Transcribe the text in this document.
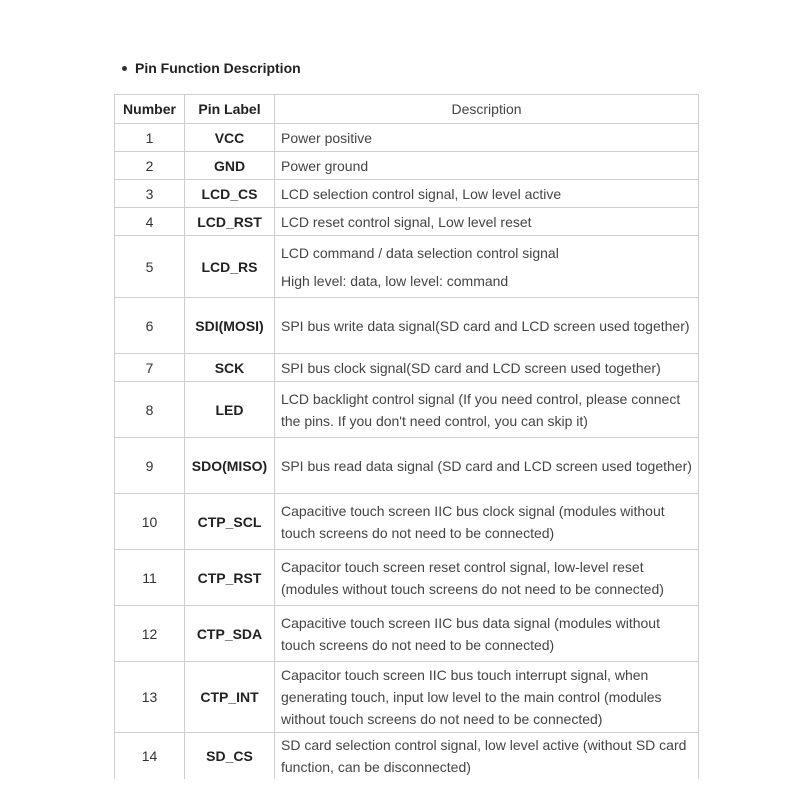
Pin Function Description
Number	Pin Label	Description
1	VCC	Power positive
2	GND	Power ground
3	LCD_CS	LCD selection control signal, Low level active
4	LCD_RST	LCD reset control signal, Low level reset
5	LCD_RS	LCD command / data selection control signal
High level: data, low level: command

6	SDI(MOSI)	SPI bus write data signal(SD card and LCD screen used together)
7	SCK	SPI bus clock signal(SD card and LCD screen used together)
8	LED	LCD backlight control signal (If you need control, please connect the pins. If you don't need control, you can skip it)
9	SDO(MISO)	SPI bus read data signal (SD card and LCD screen used together)
10	CTP_SCL	Capacitive touch screen IIC bus clock signal (modules without touch screens do not need to be connected)
11	CTP_RST	Capacitor touch screen reset control signal, low-level reset (modules without touch screens do not need to be connected)
12	CTP_SDA	Capacitive touch screen IIC bus data signal (modules without touch screens do not need to be connected)
13	CTP_INT	Capacitor touch screen IIC bus touch interrupt signal, when generating touch, input low level to the main control (modules without touch screens do not need to be connected)
14	SD_CS	SD card selection control signal, low level active (without SD card function, can be disconnected)
